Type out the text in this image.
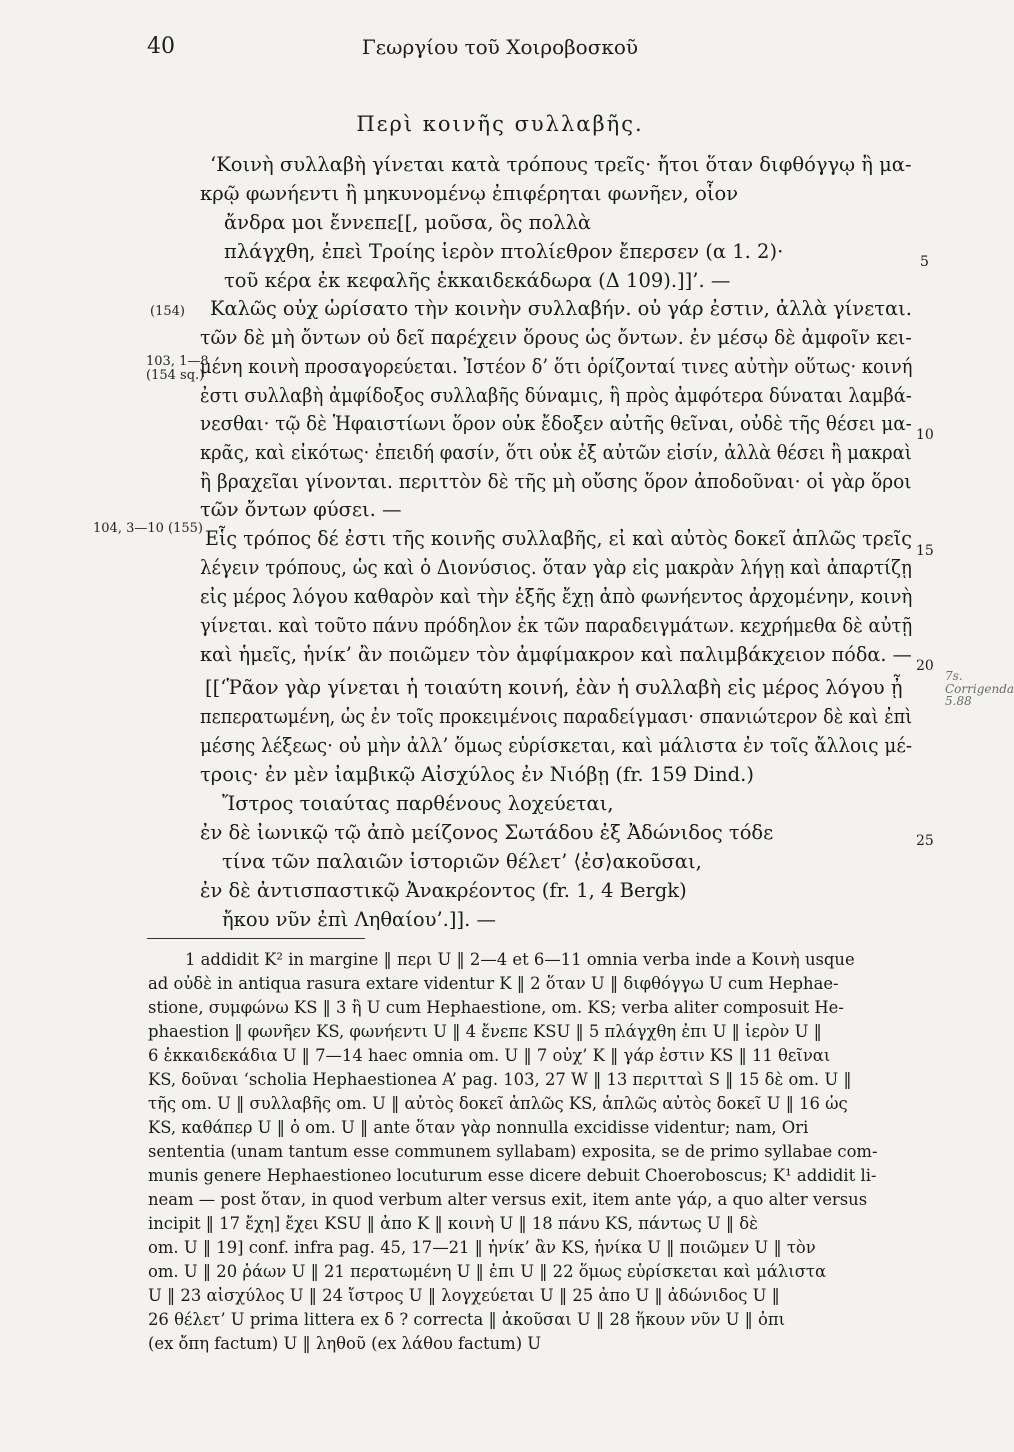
40	Γεωργίου τοῦ Χοιροβοσκοῦ
Περὶ κοινῆς συλλαβῆς.
‘Κοινὴ συλλαβὴ γίνεται κατὰ τρόπους τρεῖς· ἤτοι ὅταν διφθόγγῳ ἢ μα-
κρῷ φωνήεντι ἢ μηκυνομένῳ ἐπιφέρηται φωνῆεν, οἷον
ἄνδρα μοι ἔννεπε[[, μοῦσα, ὃς πολλὰ
πλάγχθη, ἐπεὶ Τροίης ἱερὸν πτολίεθρον ἔπερσεν (α 1. 2)·
τοῦ κέρα ἐκ κεφαλῆς ἑκκαιδεκάδωρα (Δ 109).]]’. —
Καλῶς οὐχ ὡρίσατο τὴν κοινὴν συλλαβήν. οὐ γάρ ἐστιν, ἀλλὰ γίνεται.
τῶν δὲ μὴ ὄντων οὐ δεῖ παρέχειν ὅρους ὡς ὄντων. ἐν μέσῳ δὲ ἀμφοῖν κει-
μένη κοινὴ προσαγορεύεται. Ἰστέον δ’ ὅτι ὁρίζονταί τινες αὐτὴν οὕτως· κοινή
ἐστι συλλαβὴ ἀμφίδοξος συλλαβῆς δύναμις, ἣ πρὸς ἀμφότερα δύναται λαμβά-
νεσθαι· τῷ δὲ Ἡφαιστίωνι ὅρον οὐκ ἔδοξεν αὐτῆς θεῖναι, οὐδὲ τῆς θέσει μα-
κρᾶς, καὶ εἰκότως· ἐπειδή φασίν, ὅτι οὐκ ἐξ αὐτῶν εἰσίν, ἀλλὰ θέσει ἢ μακραὶ
ἢ βραχεῖαι γίνονται. περιττὸν δὲ τῆς μὴ οὔσης ὅρον ἀποδοῦναι· οἱ γὰρ ὅροι
τῶν ὄντων φύσει. —
Εἷς τρόπος δέ ἐστι τῆς κοινῆς συλλαβῆς, εἰ καὶ αὐτὸς δοκεῖ ἁπλῶς τρεῖς
λέγειν τρόπους, ὡς καὶ ὁ Διονύσιος. ὅταν γὰρ εἰς μακρὰν λήγῃ καὶ ἀπαρτίζῃ
εἰς μέρος λόγου καθαρὸν καὶ τὴν ἑξῆς ἔχῃ ἀπὸ φωνήεντος ἀρχομένην, κοινὴ
γίνεται. καὶ τοῦτο πάνυ πρόδηλον ἐκ τῶν παραδειγμάτων. κεχρήμεθα δὲ αὐτῇ
καὶ ἡμεῖς, ἡνίκ’ ἂν ποιῶμεν τὸν ἀμφίμακρον καὶ παλιμβάκχειον πόδα. —
[[‘Ῥᾶον γὰρ γίνεται ἡ τοιαύτη κοινή, ἐὰν ἡ συλλαβὴ εἰς μέρος λόγου ᾖ
πεπερατωμένη, ὡς ἐν τοῖς προκειμένοις παραδείγμασι· σπανιώτερον δὲ καὶ ἐπὶ
μέσης λέξεως· οὐ μὴν ἀλλ’ ὅμως εὑρίσκεται, καὶ μάλιστα ἐν τοῖς ἄλλοις μέ-
τροις· ἐν μὲν ἰαμβικῷ Αἰσχύλος ἐν Νιόβῃ (fr. 159 Dind.)
Ἴστρος τοιαύτας παρθένους λοχεύεται,
ἐν δὲ ἰωνικῷ τῷ ἀπὸ μείζονος Σωτάδου ἐξ Ἀδώνιδος τόδε
τίνα τῶν παλαιῶν ἱστοριῶν θέλετ’ ⟨ἐσ⟩ακοῦσαι,
ἐν δὲ ἀντισπαστικῷ Ἀνακρέοντος (fr. 1, 4 Bergk)
ἤκου νῦν ἐπὶ Ληθαίου’.]]. —
(154)
103, 1—8
(154 sq.)
104, 3—10 (155)
5
10
15
20
25
7s. Corrigenda 5.88
1 addidit K² in margine ‖ περι U ‖ 2—4 et 6—11 omnia verba inde a Κοινὴ usque
ad οὐδὲ in antiqua rasura extare videntur K ‖ 2 ὅταν U ‖ διφθόγγω U cum Hephae-
stione, συμφώνω KS ‖ 3 ἢ U cum Hephaestione, om. KS; verba aliter composuit He-
phaestion ‖ φωνῆεν KS, φωνήεντι U ‖ 4 ἔνεπε KSU ‖ 5 πλάγχθη ἐπι U ‖ ἱερὸν U ‖
6 ἑκκαιδεκάδια U ‖ 7—14 haec omnia om. U ‖ 7 οὐχ’ K ‖ γάρ ἐστιν KS ‖ 11 θεῖναι
KS, δοῦναι ‘scholia Hephaestionea A’ pag. 103, 27 W ‖ 13 περιτταὶ S ‖ 15 δὲ om. U ‖
τῆς om. U ‖ συλλαβῆς om. U ‖ αὐτὸς δοκεῖ ἁπλῶς KS, ἁπλῶς αὐτὸς δοκεῖ U ‖ 16 ὡς
KS, καθάπερ U ‖ ὁ om. U ‖ ante ὅταν γὰρ nonnulla excidisse videntur; nam, Ori
sententia (unam tantum esse communem syllabam) exposita, se de primo syllabae com-
munis genere Hephaestioneo locuturum esse dicere debuit Choeroboscus; K¹ addidit li-
neam — post ὅταν, in quod verbum alter versus exit, item ante γάρ, a quo alter versus
incipit ‖ 17 ἔχη] ἔχει KSU ‖ ἀπο K ‖ κοινὴ U ‖ 18 πάνυ KS, πάντως U ‖ δὲ
om. U ‖ 19] conf. infra pag. 45, 17—21 ‖ ἡνίκ’ ἂν KS, ἡνίκα U ‖ ποιῶμεν U ‖ τὸν
om. U ‖ 20 ῥάων U ‖ 21 περατωμένη U ‖ ἐπι U ‖ 22 ὅμως εὑρίσκεται καὶ μάλιστα
U ‖ 23 αἰσχύλος U ‖ 24 ἴστρος U ‖ λογχεύεται U ‖ 25 ἀπο U ‖ ἀδώνιδος U ‖
26 θέλετ’ U prima littera ex δ ? correcta ‖ ἀκοῦσαι U ‖ 28 ἥκουν νῦν U ‖ ὀπι
(ex ὄπη factum) U ‖ ληθοῦ (ex λάθου factum) U
